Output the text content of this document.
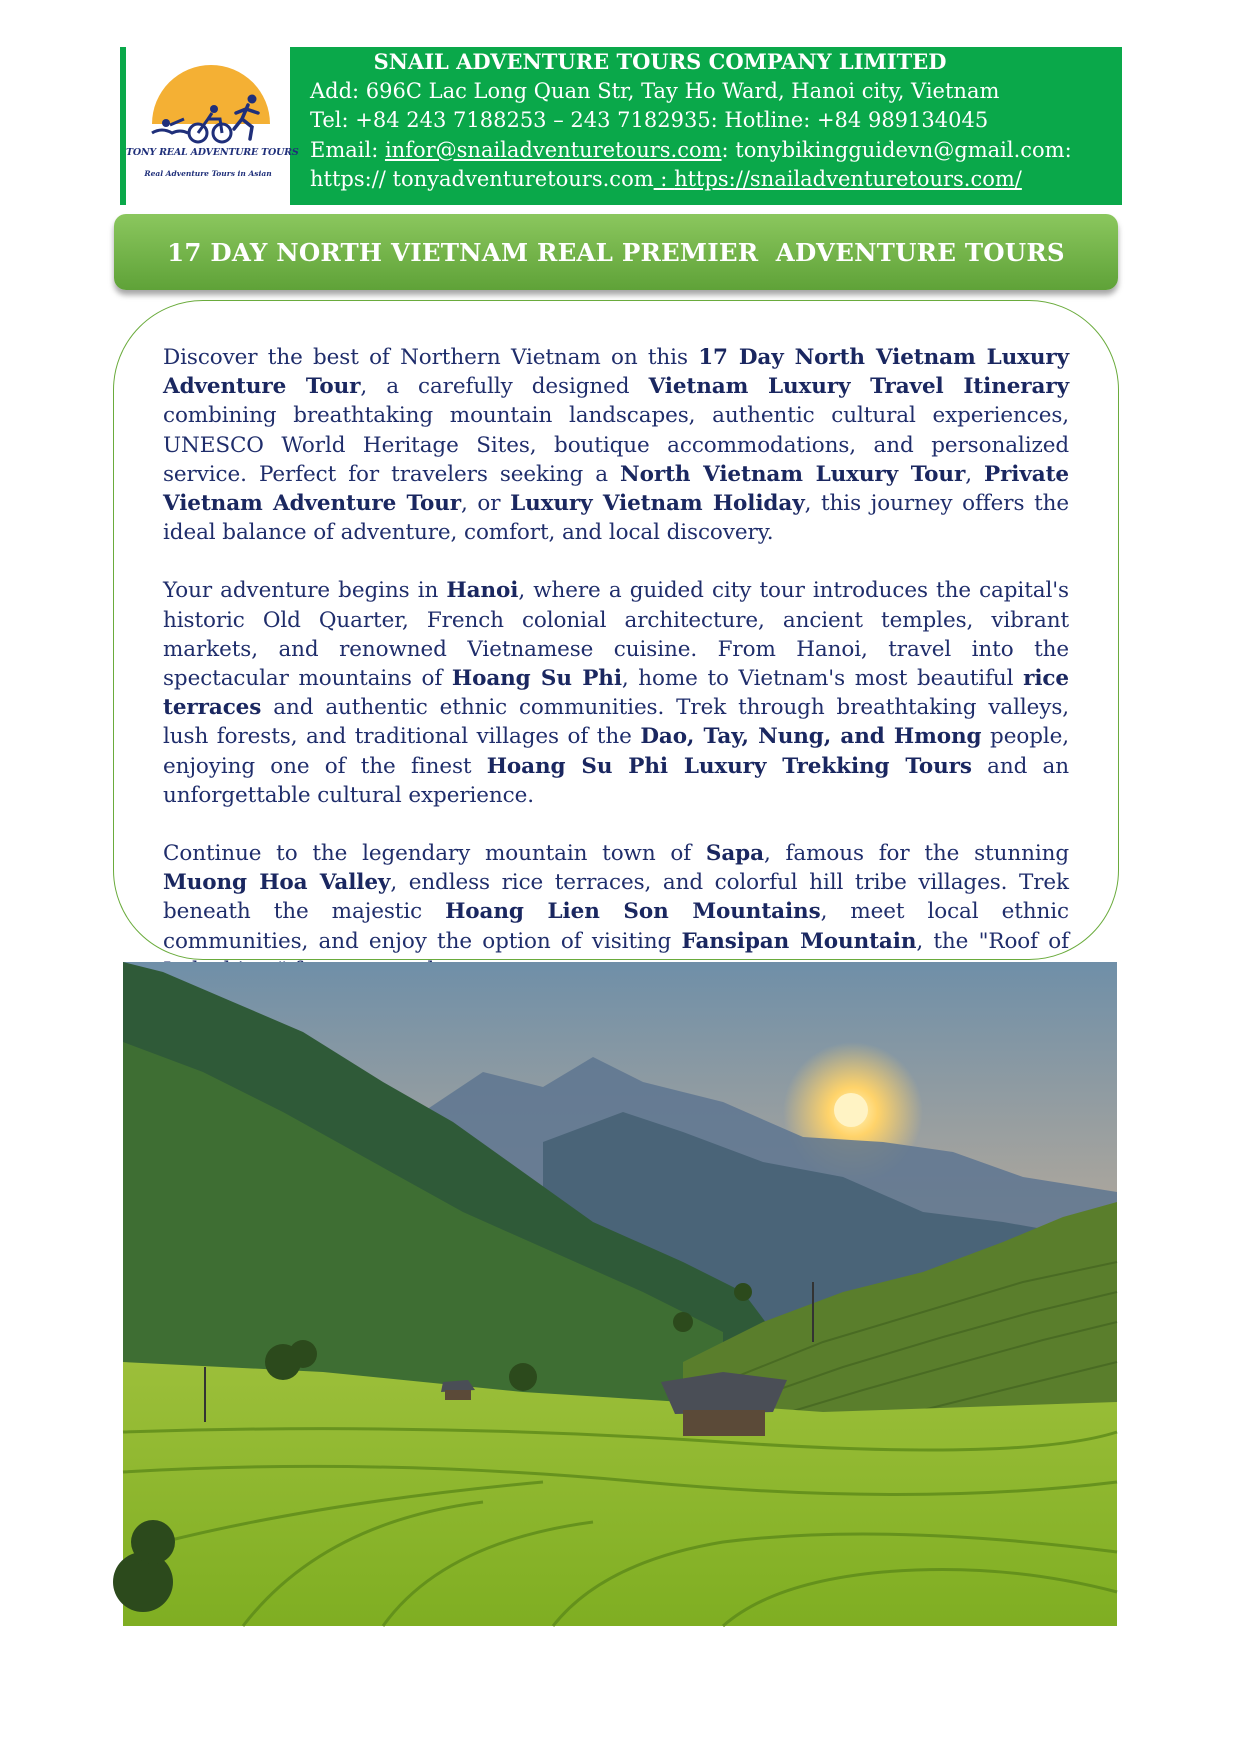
TONY REAL ADVENTURE TOURS
Real Adventure Tours in Asian
SNAIL ADVENTURE TOURS COMPANY LIMITED
Add: 696C Lac Long Quan Str, Tay Ho Ward, Hanoi city, Vietnam
Tel: +84 243 7188253 – 243 7182935: Hotline: +84 989134045
Email: infor@snailadventuretours.com: tonybikingguidevn@gmail.com:
https:// tonyadventuretours.com : https://snailadventuretours.com/
17 DAY NORTH VIETNAM REAL PREMIER  ADVENTURE TOURS

Discover the best of Northern Vietnam on this 17 Day North Vietnam Luxury Adventure Tour, a carefully designed Vietnam Luxury Travel Itinerary combining breathtaking mountain landscapes, authentic cultural experiences, UNESCO World Heritage Sites, boutique accommodations, and personalized service. Perfect for travelers seeking a North Vietnam Luxury Tour, Private Vietnam Adventure Tour, or Luxury Vietnam Holiday, this journey offers the ideal balance of adventure, comfort, and local discovery.

Your adventure begins in Hanoi, where a guided city tour introduces the capital's historic Old Quarter, French colonial architecture, ancient temples, vibrant markets, and renowned Vietnamese cuisine. From Hanoi, travel into the spectacular mountains of Hoang Su Phi, home to Vietnam's most beautiful rice terraces and authentic ethnic communities. Trek through breathtaking valleys, lush forests, and traditional villages of the Dao, Tay, Nung, and Hmong people, enjoying one of the finest Hoang Su Phi Luxury Trekking Tours and an unforgettable cultural experience.

Continue to the legendary mountain town of Sapa, famous for the stunning Muong Hoa Valley, endless rice terraces, and colorful hill tribe villages. Trek beneath the majestic Hoang Lien Son Mountains, meet local ethnic communities, and enjoy the option of visiting Fansipan Mountain, the "Roof of
